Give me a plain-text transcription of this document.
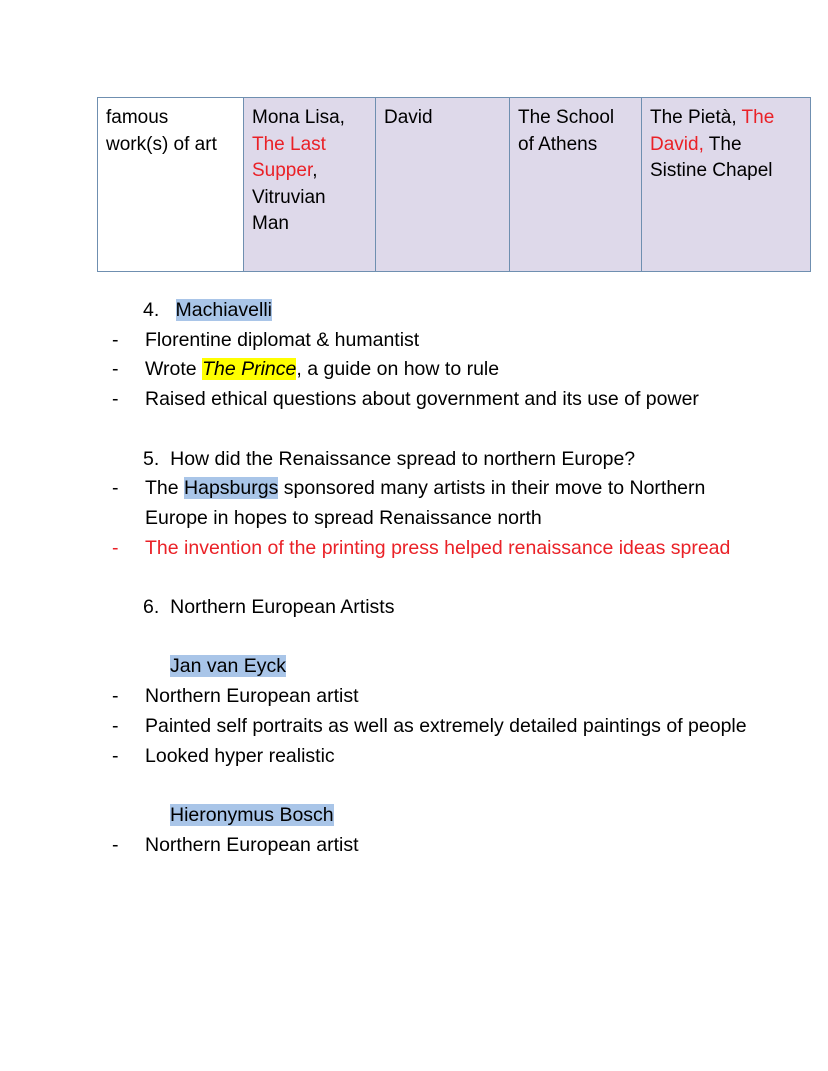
famous work(s) of art	Mona Lisa, The Last Supper, Vitruvian Man	David	The School of Athens	The Pietà, The David, The Sistine Chapel
4. Machiavelli
- Florentine diplomat & humantist
- Wrote The Prince, a guide on how to rule
- Raised ethical questions about government and its use of power
5. How did the Renaissance spread to northern Europe?
- The Hapsburgs sponsored many artists in their move to Northern Europe in hopes to spread Renaissance north
- The invention of the printing press helped renaissance ideas spread
6. Northern European Artists
Jan van Eyck
- Northern European artist
- Painted self portraits as well as extremely detailed paintings of people
- Looked hyper realistic
Hieronymus Bosch
- Northern European artist
